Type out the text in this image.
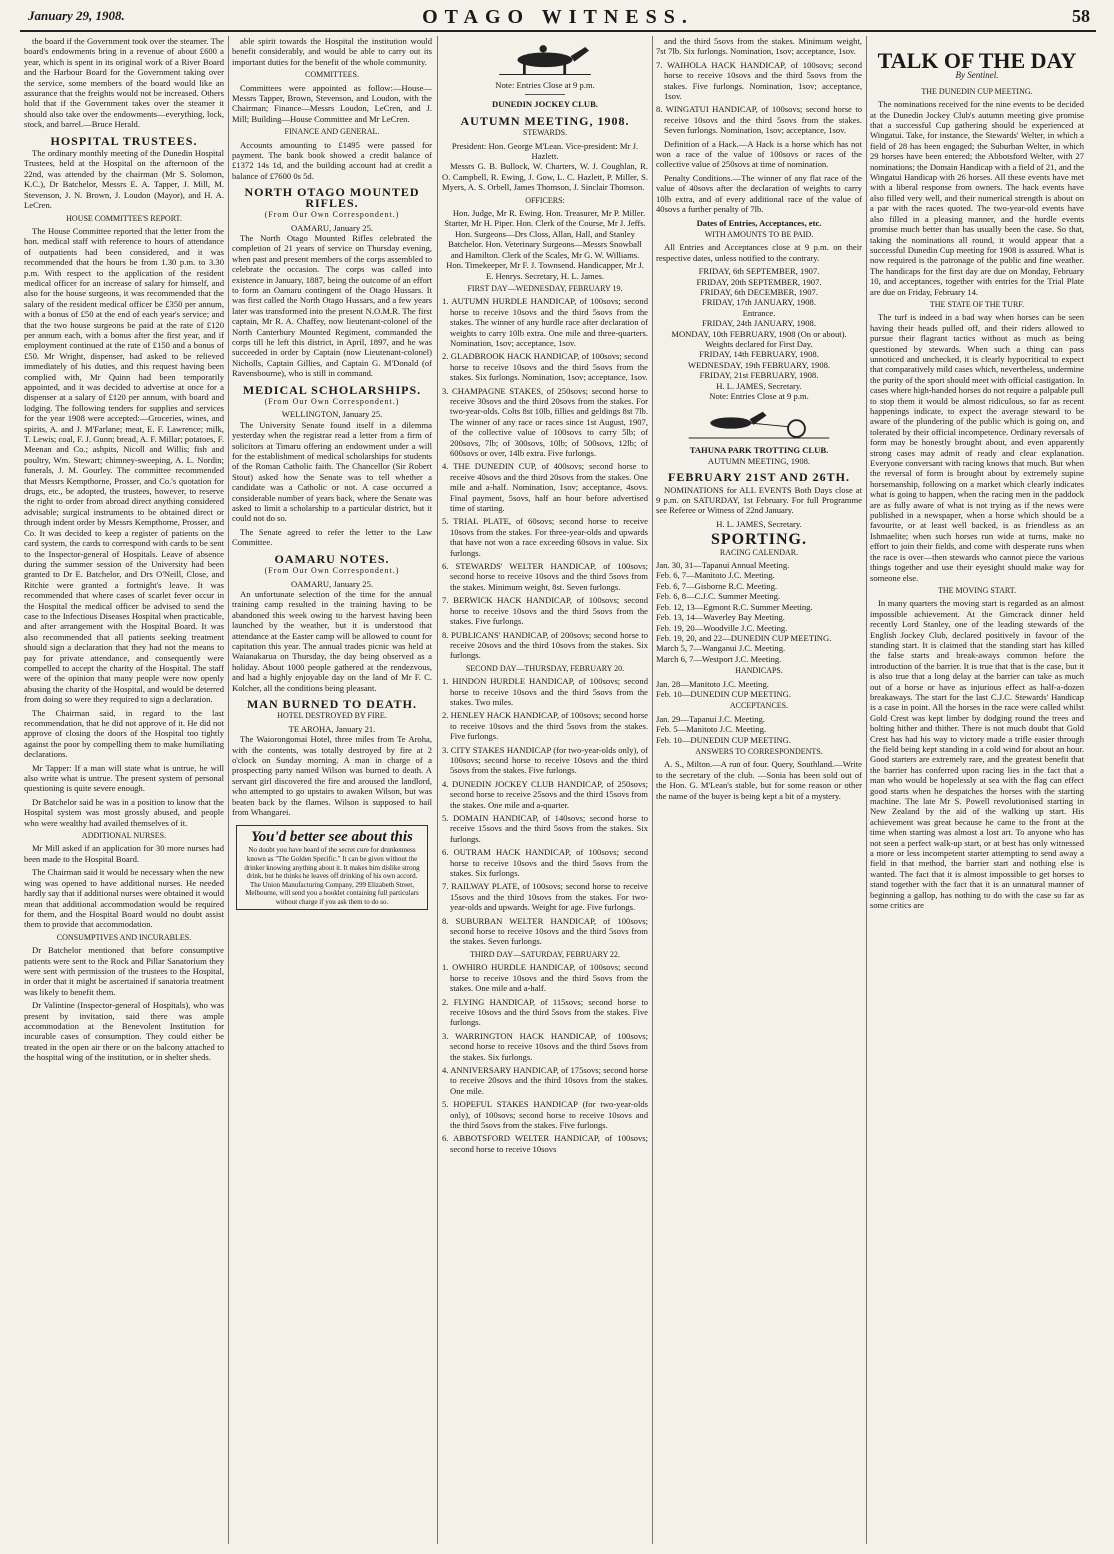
January 29, 1908.	OTAGO WITNESS.	58

the board if the Government took over the steamer. The board's endowments bring in a revenue of about £600 a year, which is spent in its original work of a River Board and the Harbour Board for the Government taking over the service, some members of the board would like an assurance that the freights would not be increased. Others hold that if the Government takes over the steamer it should also take over the endowments—everything, lock, stock, and barrel.—Bruce Herald.

HOSPITAL TRUSTEES.

The ordinary monthly meeting of the Dunedin Hospital Trustees, held at the Hospital on the afternoon of the 22nd, was attended by the chairman (Mr S. Solomon, K.C.), Dr Batchelor, Messrs E. A. Tapper, J. Mill, M. Stevenson, J. N. Brown, J. Loudon (Mayor), and H. A. LeCren.

HOUSE COMMITTEE'S REPORT.

The House Committee reported that the letter from the hon. medical staff with reference to hours of attendance of outpatients had been considered, and it was recommended that the hours be from 1.30 p.m. to 3.30 p.m. With respect to the application of the resident medical officer for an increase of salary for himself, and also for the house surgeons, it was recommended that the salary of the resident medical officer be £350 per annum, with a bonus of £50 at the end of each year's service; and that the two house surgeons be paid at the rate of £120 per annum each, with a bonus after the first year, and if employment continued at the rate of £150 and a bonus of £50. Mr Wright, dispenser, had asked to be relieved immediately of his duties, and this request having been complied with, Mr Quinn had been temporarily appointed, and it was decided to advertise at once for a dispenser at a salary of £120 per annum, with board and lodging. The following tenders for supplies and services for the year 1908 were accepted:—Groceries, wines, and spirits, A. and J. M'Farlane; meat, E. F. Lawrence; milk, T. Lewis; coal, F. J. Gunn; bread, A. F. Millar; potatoes, F. Meenan and Co.; ashpits, Nicoll and Willis; fish and poultry, Wm. Stewart; chimney-sweeping, A. L. Nordin; funerals, J. M. Gourley. The committee recommended that Messrs Kempthorne, Prosser, and Co.'s quotation for drugs, etc., be adopted, the trustees, however, to reserve the right to order from abroad direct anything considered advisable; surgical instruments to be obtained direct or through indent order by Messrs Kempthorne, Prosser, and Co. It was decided to keep a register of patients on the card system, the cards to correspond with cards to be sent to the Inspector-general of Hospitals. Leave of absence during the summer session of the University had been granted to Dr E. Batchelor, and Drs O'Neill, Close, and Ritchie were granted a fortnight's leave. It was recommended that where cases of scarlet fever occur in the Hospital the medical officer be advised to send the case to the Infectious Diseases Hospital when practicable, and after arrangement with the Hospital Board. It was also recommended that all patients seeking treatment should sign a declaration that they had not the means to pay for private attendance, and consequently were compelled to accept the charity of the Hospital. The staff were of the opinion that many people were now openly abusing the charity of the Hospital, and would be deterred from doing so were they required to sign a declaration.

The Chairman said, in regard to the last recommendation, that he did not approve of it. He did not approve of closing the doors of the Hospital too tightly against the poor by compelling them to make humiliating declarations.

Mr Tapper: If a man will state what is untrue, he will also write what is untrue. The present system of personal questioning is quite severe enough.

Dr Batchelor said he was in a position to know that the Hospital system was most grossly abused, and people who were wealthy had availed themselves of it.

ADDITIONAL NURSES.

Mr Mill asked if an application for 30 more nurses had been made to the Hospital Board.

The Chairman said it would be necessary when the new wing was opened to have additional nurses. He needed hardly say that if additional nurses were obtained it would mean that additional accommodation would be required for them, and the Hospital Board would no doubt assist them to provide that accommodation.

CONSUMPTIVES AND INCURABLES.

Dr Batchelor mentioned that before consumptive patients were sent to the Rock and Pillar Sanatorium they were sent with permission of the trustees to the Hospital, in order that it might be ascertained if sanatoria treatment was likely to benefit them.

Dr Valintine (Inspector-general of Hospitals), who was present by invitation, said there was ample accommodation at the Benevolent Institution for incurable cases of consumption. They could either be treated in the open air there or on the balcony attached to the hospital wing of the institution, or in shelter sheds.

able spirit towards the Hospital the institution would benefit considerably, and would be able to carry out its important duties for the benefit of the whole community.

COMMITTEES.

Committees were appointed as follow:—House—Messrs Tapper, Brown, Stevenson, and Loudon, with the Chairman; Finance—Messrs Loudon, LeCren, and J. Mill; Building—House Committee and Mr LeCren.

FINANCE AND GENERAL.

Accounts amounting to £1495 were passed for payment. The bank book showed a credit balance of £1372 14s 1d, and the building account had at credit a balance of £7600 0s 5d.

NORTH OTAGO MOUNTED RIFLES.
(From Our Own Correspondent.)
OAMARU, January 25.

The North Otago Mounted Rifles celebrated the completion of 21 years of service on Thursday evening, when past and present members of the corps assembled to celebrate the occasion. The corps was called into existence in January, 1887, being the outcome of an effort to form an Oamaru contingent of the Otago Hussars. It was first called the North Otago Hussars, and a few years later was transformed into the present N.O.M.R. The first captain, Mr R. A. Chaffey, now lieutenant-colonel of the North Canterbury Mounted Regiment, commanded the corps till he left this district, in April, 1897, and he was succeeded in order by Captain (now Lieutenant-colonel) Nicholls, Captain Gillies, and Captain G. M'Donald (of Ravensbourne), who is still in command.

MEDICAL SCHOLARSHIPS.
(From Our Own Correspondent.)
WELLINGTON, January 25.

The University Senate found itself in a dilemma yesterday when the registrar read a letter from a firm of solicitors at Timaru offering an endowment under a will for the establishment of medical scholarships for students of the Roman Catholic faith. The Chancellor (Sir Robert Stout) asked how the Senate was to tell whether a candidate was a Catholic or not. A case occurred a considerable number of years back, where the Senate was asked to limit a scholarship to a particular district, but it could not do so.

The Senate agreed to refer the letter to the Law Committee.

OAMARU NOTES.
(From Our Own Correspondent.)
OAMARU, January 25.

An unfortunate selection of the time for the annual training camp resulted in the training having to be abandoned this week owing to the harvest having been launched by the weather, but it is understood that attendance at the Easter camp will be allowed to count for capitation this year. The annual trades picnic was held at Waianakarua on Thursday, the day being observed as a holiday. About 1000 people gathered at the rendezvous, and had a highly enjoyable day on the land of Mr F. C. Kolcher, all the conditions being pleasant.

MAN BURNED TO DEATH.
HOTEL DESTROYED BY FIRE.
TE AROHA, January 21.

The Waiorongomai Hotel, three miles from Te Aroha, with the contents, was totally destroyed by fire at 2 o'clock on Sunday morning. A man in charge of a prospecting party named Wilson was burned to death. A servant girl discovered the fire and aroused the landlord, who attempted to go upstairs to awaken Wilson, but was beaten back by the flames. Wilson is supposed to hail from Whangarei.

You'd better see about this
No doubt you have heard of the secret cure for drunkenness known as "The Golden Specific." It can be given without the drinker knowing anything about it. It makes him dislike strong drink, but he thinks he leaves off drinking of his own accord. The Union Manufacturing Company, 299 Elizabeth Street, Melbourne, will send you a booklet containing full particulars without charge if you ask them to do so.
Note: Entries Close at 9 p.m.
DUNEDIN JOCKEY CLUB.
AUTUMN MEETING, 1908.
STEWARDS.
President: Hon. George M'Lean. Vice-president: Mr J. Hazlett.

Messrs G. B. Bullock, W. Charters, W. J. Coughlan, R. O. Campbell, R. Ewing, J. Gow, L. C. Hazlett, P. Miller, S. Myers, A. S. Orbell, James Thomson, J. Sinclair Thomson.

OFFICERS:

Hon. Judge, Mr R. Ewing. Hon. Treasurer, Mr P. Miller. Starter, Mr H. Piper. Hon. Clerk of the Course, Mr J. Jeffs. Hon. Surgeons—Drs Closs, Allan, Hall, and Stanley Batchelor. Hon. Veterinary Surgeons—Messrs Snowball and Hamilton. Clerk of the Scales, Mr G. W. Williams. Hon. Timekeeper, Mr F. J. Townsend. Handicapper, Mr J. E. Henrys. Secretary, H. L. James.

FIRST DAY—WEDNESDAY, FEBRUARY 19.

1. AUTUMN HURDLE HANDICAP, of 100sovs; second horse to receive 10sovs and the third 5sovs from the stakes. The winner of any hurdle race after declaration of weights to carry 10lb extra. One mile and three-quarters. Nomination, 1sov; acceptance, 1sov.

2. GLADBROOK HACK HANDICAP, of 100sovs; second horse to receive 10sovs and the third 5sovs from the stakes. Six furlongs. Nomination, 1sov; acceptance, 1sov.

3. CHAMPAGNE STAKES, of 250sovs; second horse to receive 30sovs and the third 20sovs from the stakes. For two-year-olds. Colts 8st 10lb, fillies and geldings 8st 7lb. The winner of any race or races since 1st August, 1907, of the collective value of 100sovs to carry 5lb; of 200sovs, 7lb; of 300sovs, 10lb; of 500sovs, 12lb; of 600sovs or over, 14lb extra. Five furlongs.

4. THE DUNEDIN CUP, of 400sovs; second horse to receive 40sovs and the third 20sovs from the stakes. One mile and a-half. Nomination, 1sov; acceptance, 4sovs. Final payment, 5sovs, half an hour before advertised time of starting.

5. TRIAL PLATE, of 60sovs; second horse to receive 10sovs from the stakes. For three-year-olds and upwards that have not won a race exceeding 60sovs in value. Six furlongs.

6. STEWARDS' WELTER HANDICAP, of 100sovs; second horse to receive 10sovs and the third 5sovs from the stakes. Minimum weight, 8st. Seven furlongs.

7. BERWICK HACK HANDICAP, of 100sovs; second horse to receive 10sovs and the third 5sovs from the stakes. Five furlongs.

8. PUBLICANS' HANDICAP, of 200sovs; second horse to receive 20sovs and the third 10sovs from the stakes. Six furlongs.

SECOND DAY—THURSDAY, FEBRUARY 20.

1. HINDON HURDLE HANDICAP, of 100sovs; second horse to receive 10sovs and the third 5sovs from the stakes. Two miles.

2. HENLEY HACK HANDICAP, of 100sovs; second horse to receive 10sovs and the third 5sovs from the stakes. Five furlongs.

3. CITY STAKES HANDICAP (for two-year-olds only), of 100sovs; second horse to receive 10sovs and the third 5sovs from the stakes. Five furlongs.

4. DUNEDIN JOCKEY CLUB HANDICAP, of 250sovs; second horse to receive 25sovs and the third 15sovs from the stakes. One mile and a-quarter.

5. DOMAIN HANDICAP, of 140sovs; second horse to receive 15sovs and the third 5sovs from the stakes. Six furlongs.

6. OUTRAM HACK HANDICAP, of 100sovs; second horse to receive 10sovs and the third 5sovs from the stakes. Six furlongs.

7. RAILWAY PLATE, of 100sovs; second horse to receive 15sovs and the third 10sovs from the stakes. For two-year-olds and upwards. Weight for age. Five furlongs.

8. SUBURBAN WELTER HANDICAP, of 100sovs; second horse to receive 10sovs and the third 5sovs from the stakes. Seven furlongs.

THIRD DAY—SATURDAY, FEBRUARY 22.

1. OWHIRO HURDLE HANDICAP, of 100sovs; second horse to receive 10sovs and the third 5sovs from the stakes. One mile and a-half.

2. FLYING HANDICAP, of 115sovs; second horse to receive 10sovs and the third 5sovs from the stakes. Five furlongs.

3. WARRINGTON HACK HANDICAP, of 100sovs; second horse to receive 10sovs and the third 5sovs from the stakes. Six furlongs.

4. ANNIVERSARY HANDICAP, of 175sovs; second horse to receive 20sovs and the third 10sovs from the stakes. One mile.

5. HOPEFUL STAKES HANDICAP (for two-year-olds only), of 100sovs; second horse to receive 10sovs and the third 5sovs from the stakes. Five furlongs.

6. ABBOTSFORD WELTER HANDICAP, of 100sovs; second horse to receive 10sovs

and the third 5sovs from the stakes. Minimum weight, 7st 7lb. Six furlongs. Nomination, 1sov; acceptance, 1sov.

7. WAIHOLA HACK HANDICAP, of 100sovs; second horse to receive 10sovs and the third 5sovs from the stakes. Five furlongs. Nomination, 1sov; acceptance, 1sov.

8. WINGATUI HANDICAP, of 100sovs; second horse to receive 10sovs and the third 5sovs from the stakes. Seven furlongs. Nomination, 1sov; acceptance, 1sov.

Definition of a Hack.—A Hack is a horse which has not won a race of the value of 100sovs or races of the collective value of 250sovs at time of nomination.

Penalty Conditions.—The winner of any flat race of the value of 40sovs after the declaration of weights to carry 10lb extra, and of every additional race of the value of 40sovs a further penalty of 7lb.

Dates of Entries, Acceptances, etc.
WITH AMOUNTS TO BE PAID.

All Entries and Acceptances close at 9 p.m. on their respective dates, unless notified to the contrary.

FRIDAY, 6th SEPTEMBER, 1907.
FRIDAY, 20th SEPTEMBER, 1907.
FRIDAY, 6th DECEMBER, 1907.
FRIDAY, 17th JANUARY, 1908.
Entrance.
FRIDAY, 24th JANUARY, 1908.
MONDAY, 10th FEBRUARY, 1908 (On or about).
Weights declared for First Day.
FRIDAY, 14th FEBRUARY, 1908.
WEDNESDAY, 19th FEBRUARY, 1908.
FRIDAY, 21st FEBRUARY, 1908.
H. L. JAMES, Secretary.
Note: Entries Close at 9 p.m.
TAHUNA PARK TROTTING CLUB.
AUTUMN MEETING, 1908.
FEBRUARY 21ST AND 26TH.

NOMINATIONS for ALL EVENTS Both Days close at 9 p.m. on SATURDAY, 1st February. For full Programme see Referee or Witness of 22nd January.

H. L. JAMES, Secretary.
SPORTING.
RACING CALENDAR.
Jan. 30, 31—Tapanui Annual Meeting.
Feb. 6, 7—Manitoto J.C. Meeting.
Feb. 6, 7—Gisborne R.C. Meeting.
Feb. 6, 8—C.J.C. Summer Meeting.
Feb. 12, 13—Egmont R.C. Summer Meeting.
Feb. 13, 14—Waverley Bay Meeting.
Feb. 19, 20—Woodville J.C. Meeting.
Feb. 19, 20, and 22—DUNEDIN CUP MEETING.
March 5, 7—Wanganui J.C. Meeting.
March 6, 7—Westport J.C. Meeting.
HANDICAPS.
Jan. 28—Manitoto J.C. Meeting.
Feb. 10—DUNEDIN CUP MEETING.
ACCEPTANCES.
Jan. 29—Tapanui J.C. Meeting.
Feb. 5—Manitoto J.C. Meeting.
Feb. 10—DUNEDIN CUP MEETING.
ANSWERS TO CORRESPONDENTS.

A. S., Milton.—A run of four. Query, Southland.—Write to the secretary of the club. —Sonia has been sold out of the Hon. G. M'Lean's stable, but for some reason or other the name of the buyer is being kept a bit of a mystery.

TALK OF THE DAY
By Sentinel.
THE DUNEDIN CUP MEETING.

The nominations received for the nine events to be decided at the Dunedin Jockey Club's autumn meeting give promise that a successful Cup gathering should be experienced at Wingatui. Take, for instance, the Stewards' Welter, in which a field of 28 has been engaged; the Suburban Welter, in which 29 horses have been entered; the Abbotsford Welter, with 27 nominations; the Domain Handicap with a field of 21, and the Wingatui Handicap with 26 horses. All these events have met with a liberal response from owners. The hack events have also filled very well, and their numerical strength is about on a par with the races quoted. The two-year-old events have also filled in a pleasing manner, and the hurdle events promise much better than has usually been the case. So that, taking the nominations all round, it would appear that a successful Dunedin Cup meeting for 1908 is assured. What is now required is the patronage of the public and fine weather. The handicaps for the first day are due on Monday, February 10, and acceptances, together with entries for the Trial Plate are due on Friday, February 14.

THE STATE OF THE TURF.

The turf is indeed in a bad way when horses can be seen having their heads pulled off, and their riders allowed to pursue their flagrant tactics without as much as being questioned by stewards. When such a thing can pass unnoticed and unchecked, it is clearly hypocritical to expect that comparatively mild cases which, nevertheless, undermine the purity of the sport should meet with official castigation. In cases where high-handed horses do not require a palpable pull to stop them it would be almost ridiculous, so far as recent happenings indicate, to expect the average steward to be aware of the plundering of the public which is going on, and tolerated by their official incompetence. Ordinary reversals of form may be honestly brought about, and even apparently strong cases may admit of ready and clear explanation. Everyone conversant with racing knows that much. But when the reversal of form is brought about by extremely supine horsemanship, following on a market which clearly indicates what is going to happen, when the racing men in the paddock are as fully aware of what is not trying as if the news were published in a newspaper, when a horse which should be a favourite, or at least well backed, is as friendless as an Ishmaelite; when such horses run wide at turns, make no effort to join their fields, and come with desperate runs when the race is over—then stewards who cannot piece the various things together and use their eyesight should make way for someone else.

THE MOVING START.

In many quarters the moving start is regarded as an almost impossible achievement. At the Gimcrack dinner held recently Lord Stanley, one of the leading stewards of the English Jockey Club, declared positively in favour of the standing start. It is claimed that the standing start has killed the false starts and break-aways common before the introduction of the barrier. It is true that that is the case, but it is also true that a long delay at the barrier can take as much out of a horse or have as injurious effect as half-a-dozen breakaways. The start for the last C.J.C. Stewards' Handicap is a case in point. All the horses in the race were called whilst Gold Crest was kept limber by dodging round the trees and bolting hither and thither. There is not much doubt that Gold Crest has had his way to victory made a trifle easier through the field being kept standing in a cold wind for about an hour. Good starters are extremely rare, and the greatest benefit that the barrier has conferred upon racing lies in the fact that a man who would be hopelessly at sea with the flag can effect good starts when he despatches the horses with the starting machine. The late Mr S. Powell revolutionised starting in New Zealand by the aid of the walking up start. His achievement was great because he came to the front at the time when starting was almost a lost art. To anyone who has not seen a perfect walk-up start, or at best has only witnessed a more or less incompetent starter attempting to send away a field in that method, the barrier start and nothing else is wanted. The fact that it is almost impossible to get horses to stand together with the fact that it is an unnatural manner of beginning a gallop, has nothing to do with the case so far as some critics are
